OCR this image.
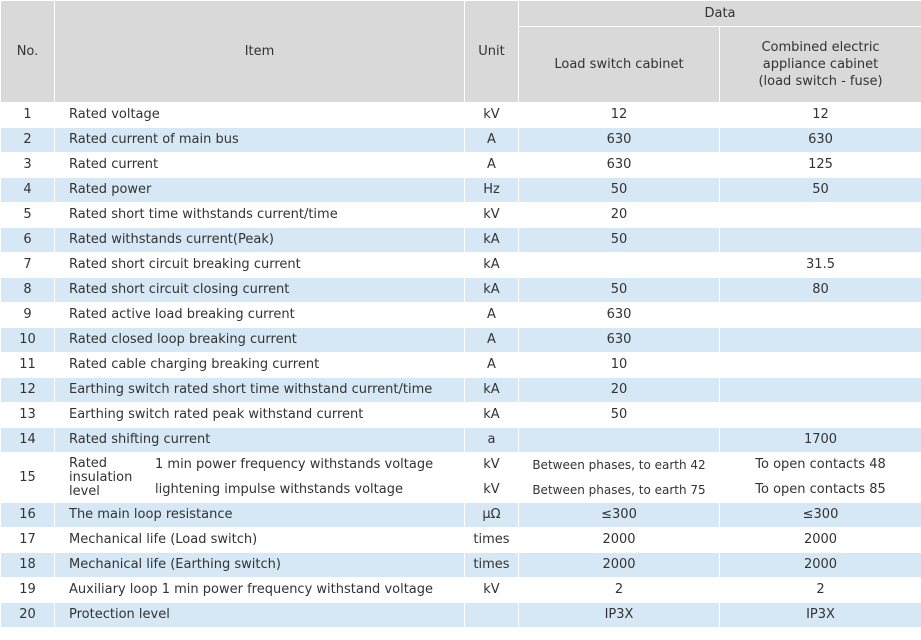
No.	Item		Unit	Data	
				Load switch cabinet	Combined electric
appliance cabinet
(load switch - fuse)

1	Rated voltage		kV	12	12
2	Rated current of main bus		A	630	630
3	Rated current		A	630	125
4	Rated power		Hz	50	50
5	Rated short time withstands current/time		kV	20	
6	Rated withstands current(Peak)		kA	50	
7	Rated short circuit breaking current		kA		31.5
8	Rated short circuit closing current		kA	50	80
9	Rated active load breaking current		A	630	
10	Rated closed loop breaking current		A	630	
11	Rated cable charging breaking current		A	10	
12	Earthing switch rated short time withstand current/time		kA	20	
13	Earthing switch rated peak withstand current		kA	50	
14	Rated shifting current		a		1700
15	Rated
insulation
level	1 min power frequency withstands voltage	kV	Between phases, to earth 42	To open contacts 48
		lightening impulse withstands voltage	kV	Between phases, to earth 75	To open contacts 85
16	The main loop resistance		μΩ	≤300	≤300
17	Mechanical life (Load switch)		times	2000	2000
18	Mechanical life (Earthing switch)		times	2000	2000
19	Auxiliary loop 1 min power frequency withstand voltage		kV	2	2
20	Protection level			IP3X	IP3X
